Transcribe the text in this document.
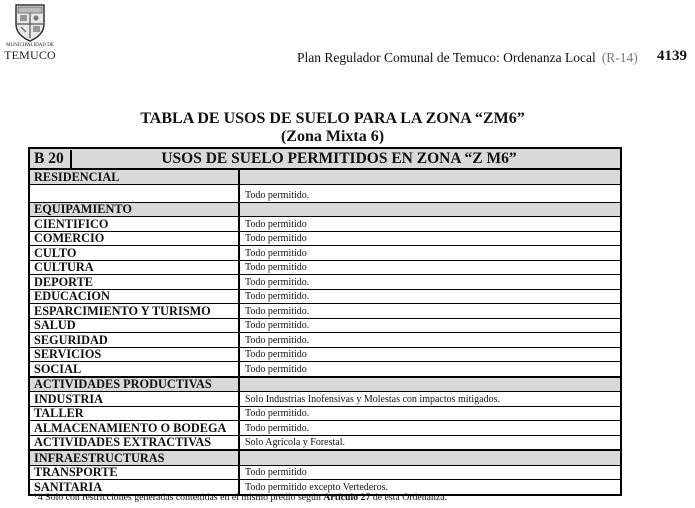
MUNICIPALIDAD DE
TEMUCO	Plan Regulador Comunal de Temuco: Ordenanza Local (R-14) 4139
TABLA DE USOS DE SUELO PARA LA ZONA “ZM6”
(Zona Mixta 6)
B 20 USOS DE SUELO PERMITIDOS EN ZONA “Z M6”	

RESIDENCIAL	
	Todo permitido.
EQUIPAMIENTO	
CIENTIFICO	Todo permitido
COMERCIO	Todo permitido
CULTO	Todo permitido
CULTURA	Todo permitido
DEPORTE	Todo permitido.
EDUCACION	Todo permitido.
ESPARCIMIENTO Y TURISMO	Todo permitido.
SALUD	Todo permitido.
SEGURIDAD	Todo permitido.
SERVICIOS	Todo permitido
SOCIAL	Todo permitido
ACTIVIDADES PRODUCTIVAS	
INDUSTRIA	Solo Industrias Inofensivas y Molestas con impactos mitigados.
TALLER	Todo permitido.
ALMACENAMIENTO O BODEGA	Todo permitido.
ACTIVIDADES EXTRACTIVAS	Solo Agrícola y Forestal.
INFRAESTRUCTURAS	
TRANSPORTE	Todo permitido
SANITARIA	Todo permitido excepto Vertederos.
*4 Solo con restricciones generadas contenidas en el mismo predio según Artículo 27 de esta Ordenanza.
